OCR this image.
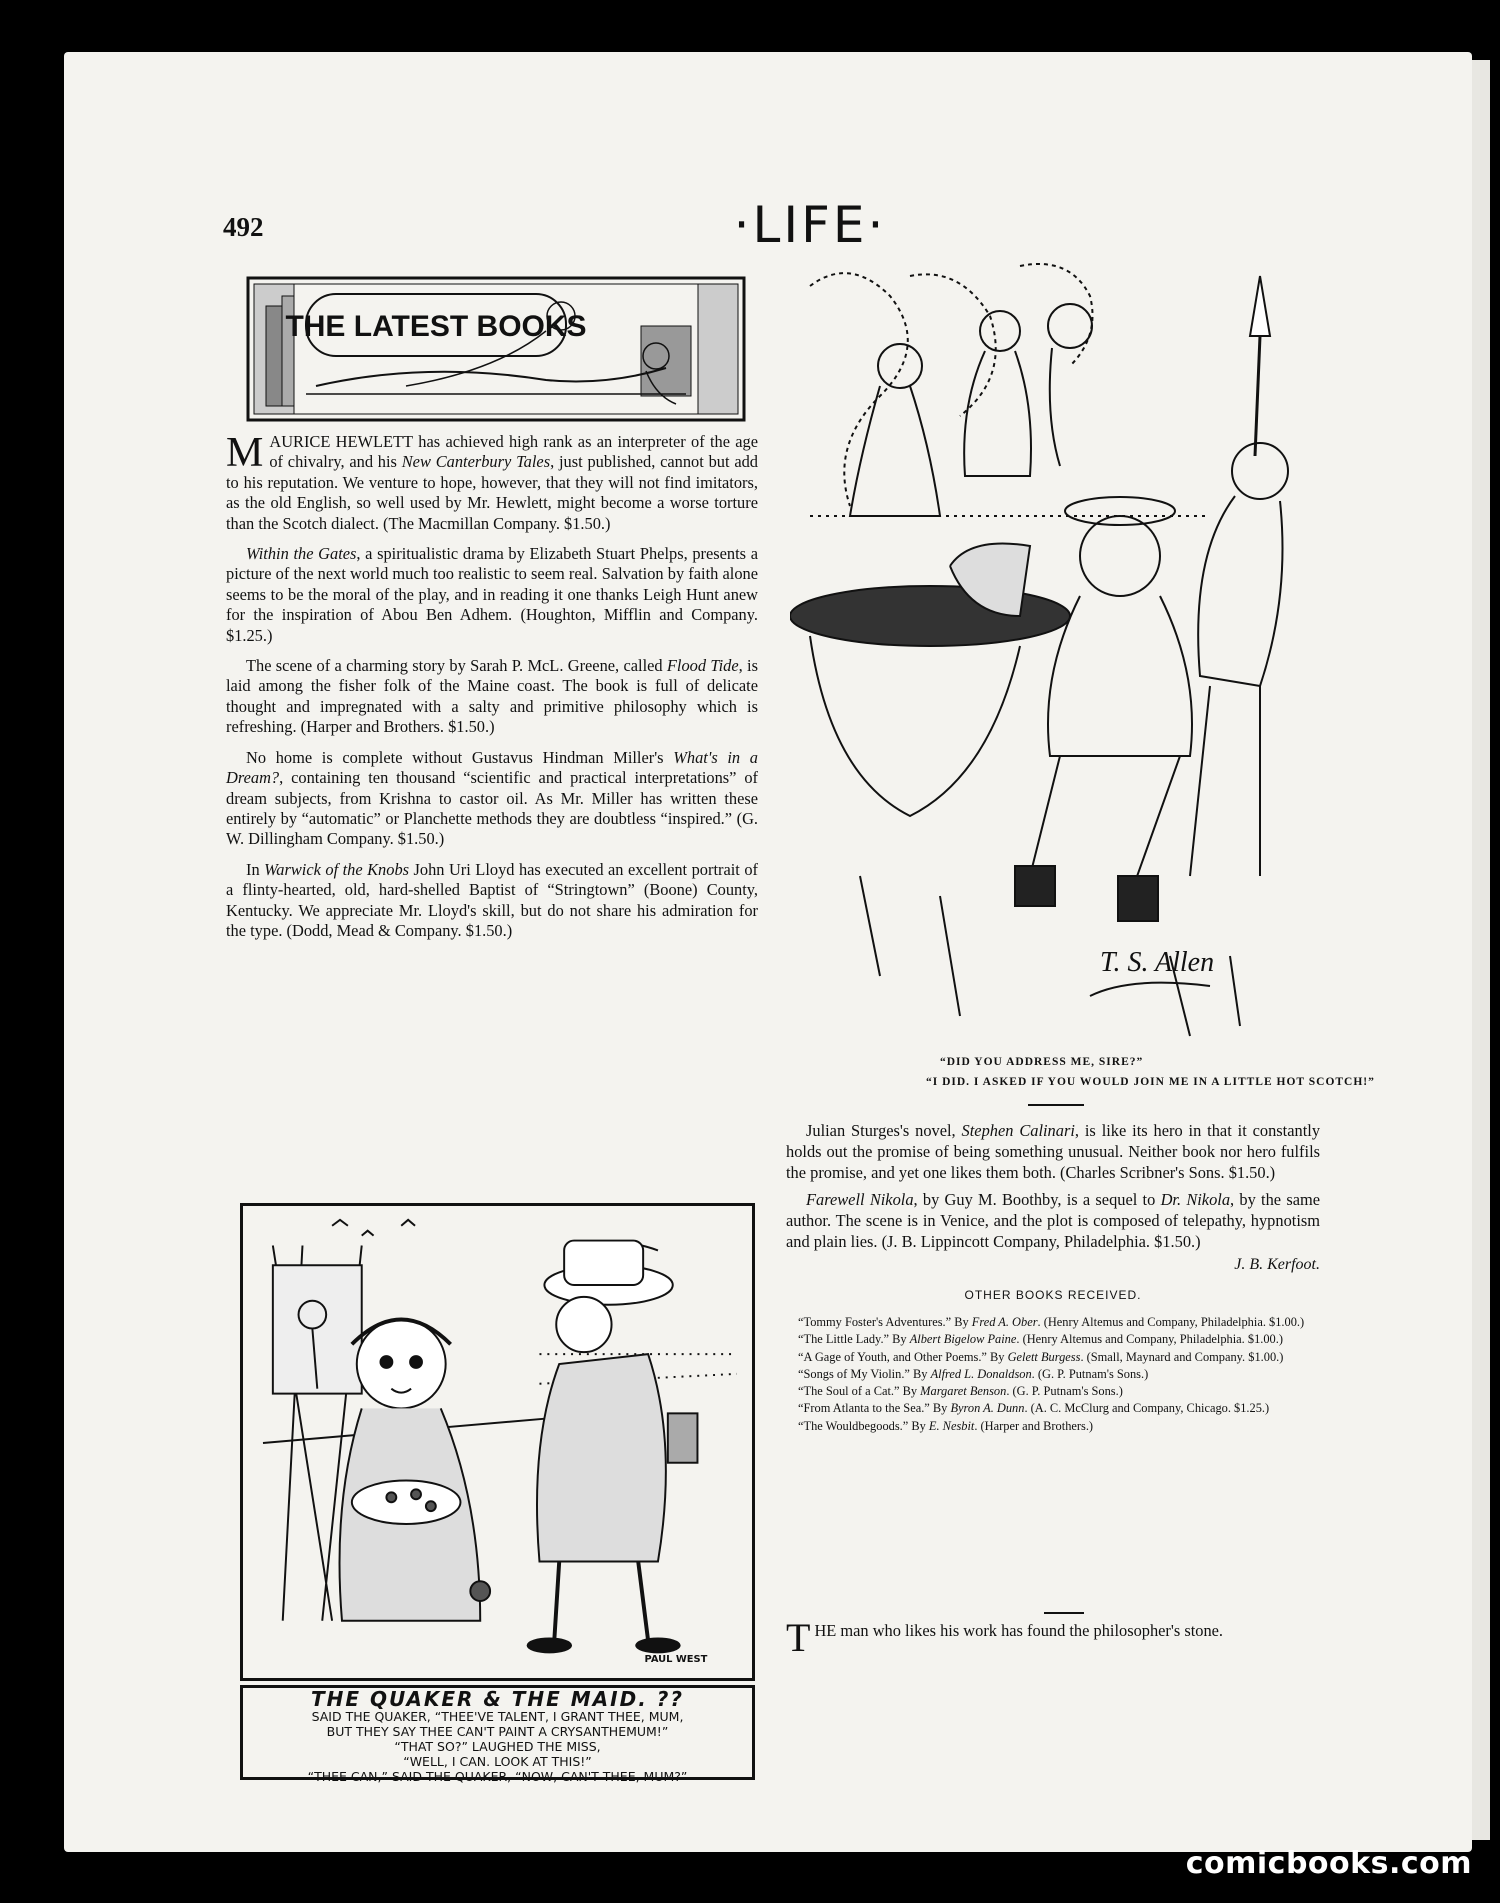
492	·LIFE·
THE LATEST BOOKS

MAURICE HEWLETT has achieved high rank as an interpreter of the age of chivalry, and his New Canterbury Tales, just published, cannot but add to his reputation. We venture to hope, however, that they will not find imitators, as the old English, so well used by Mr. Hewlett, might become a worse torture than the Scotch dialect. (The Macmillan Company. $1.50.)

Within the Gates, a spiritualistic drama by Elizabeth Stuart Phelps, presents a picture of the next world much too realistic to seem real. Salvation by faith alone seems to be the moral of the play, and in reading it one thanks Leigh Hunt anew for the inspiration of Abou Ben Adhem. (Houghton, Mifflin and Company. $1.25.)

The scene of a charming story by Sarah P. McL. Greene, called Flood Tide, is laid among the fisher folk of the Maine coast. The book is full of delicate thought and impregnated with a salty and primitive philosophy which is refreshing. (Harper and Brothers. $1.50.)

No home is complete without Gustavus Hindman Miller's What's in a Dream?, containing ten thousand “scientific and practical interpretations” of dream subjects, from Krishna to castor oil. As Mr. Miller has written these entirely by “automatic” or Planchette methods they are doubtless “inspired.” (G. W. Dillingham Company. $1.50.)

In Warwick of the Knobs John Uri Lloyd has executed an excellent portrait of a flinty-hearted, old, hard-shelled Baptist of “Stringtown” (Boone) County, Kentucky. We appreciate Mr. Lloyd's skill, but do not share his admiration for the type. (Dodd, Mead & Company. $1.50.)

T. S. Allen
“DID YOU ADDRESS ME, SIRE?”
“I DID. I ASKED IF YOU WOULD JOIN ME IN A LITTLE HOT SCOTCH!”

Julian Sturges's novel, Stephen Calinari, is like its hero in that it constantly holds out the promise of being something unusual. Neither book nor hero fulfils the promise, and yet one likes them both. (Charles Scribner's Sons. $1.50.)

Farewell Nikola, by Guy M. Boothby, is a sequel to Dr. Nikola, by the same author. The scene is in Venice, and the plot is composed of telepathy, hypnotism and plain lies. (J. B. Lippincott Company, Philadelphia. $1.50.)

J. B. Kerfoot.
OTHER BOOKS RECEIVED.
“Tommy Foster's Adventures.” By Fred A. Ober. (Henry Altemus and Company, Philadelphia. $1.00.)
“The Little Lady.” By Albert Bigelow Paine. (Henry Altemus and Company, Philadelphia. $1.00.)
“A Gage of Youth, and Other Poems.” By Gelett Burgess. (Small, Maynard and Company. $1.00.)
“Songs of My Violin.” By Alfred L. Donaldson. (G. P. Putnam's Sons.)
“The Soul of a Cat.” By Margaret Benson. (G. P. Putnam's Sons.)
“From Atlanta to the Sea.” By Byron A. Dunn. (A. C. McClurg and Company, Chicago. $1.25.)
“The Wouldbegoods.” By E. Nesbit. (Harper and Brothers.)
THE man who likes his work has found the philosopher's stone.
PAUL WEST
THE QUAKER & THE MAID. ??
SAID THE QUAKER, “THEE'VE TALENT, I GRANT THEE, MUM,
BUT THEY SAY THEE CAN'T PAINT A CRYSANTHEMUM!”
“THAT SO?” LAUGHED THE MISS,
“WELL, I CAN. LOOK AT THIS!”
“THEE CAN,” SAID THE QUAKER, “NOW, CAN'T THEE, MUM?”
comicbooks.com
